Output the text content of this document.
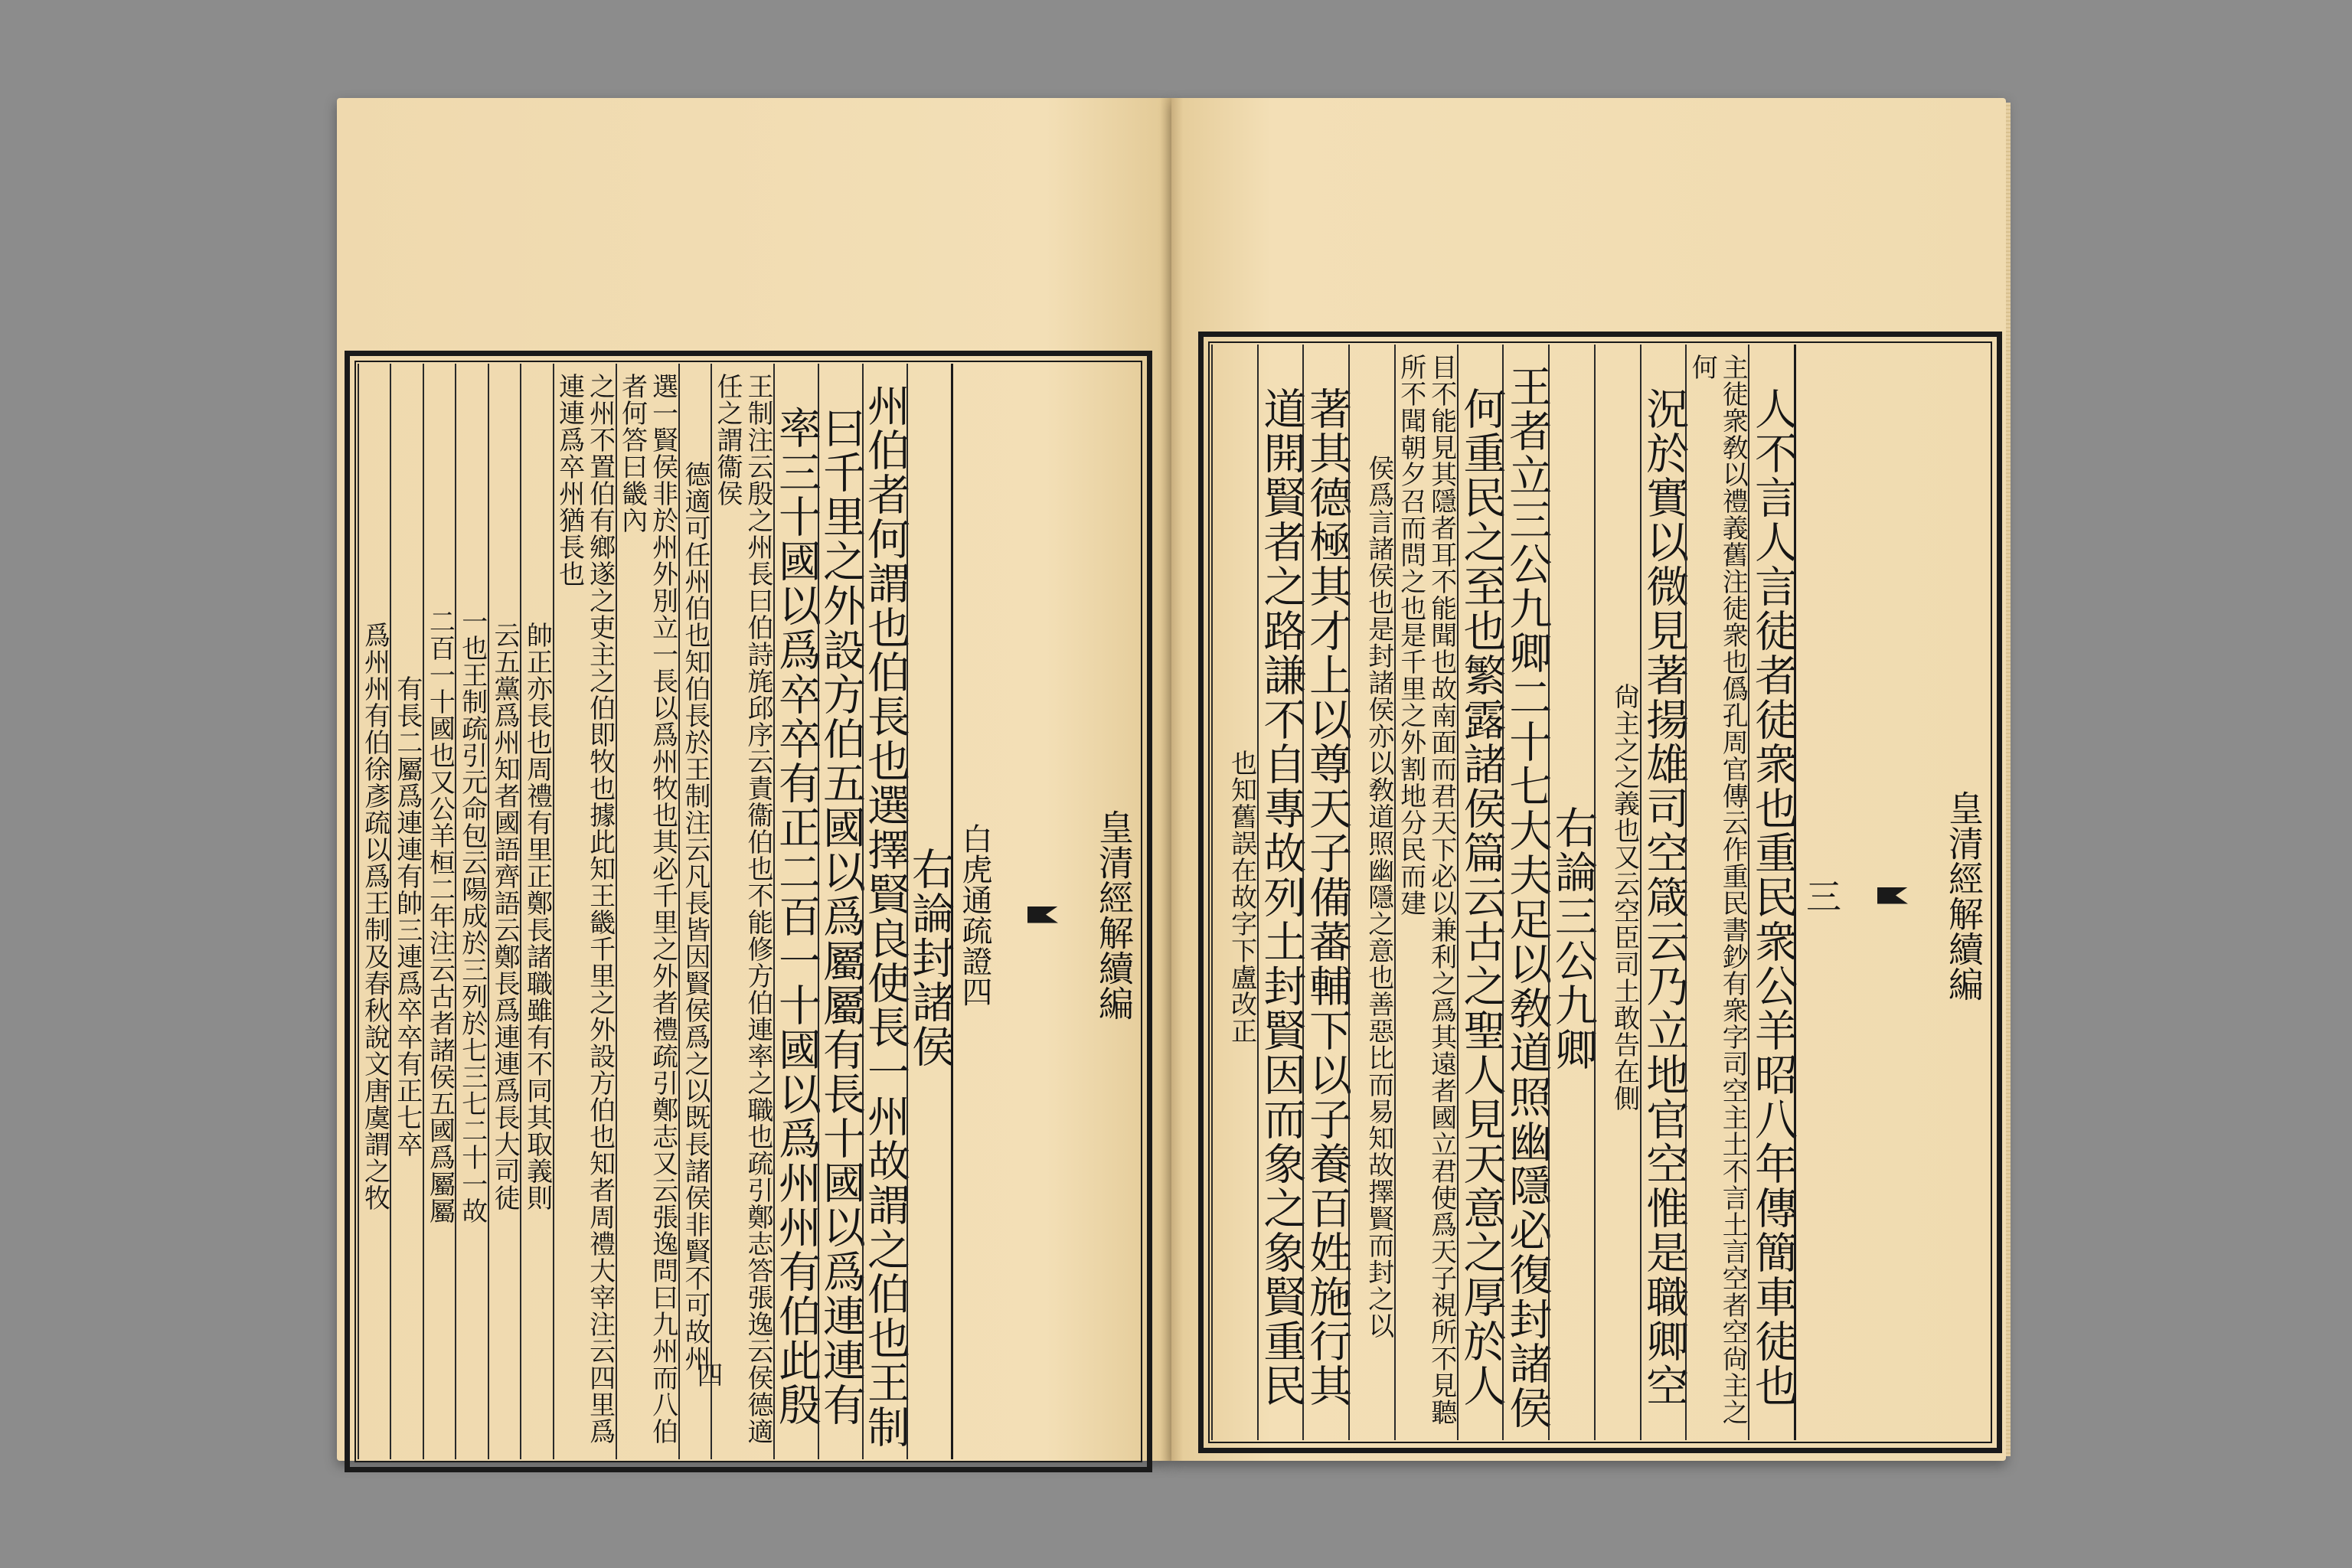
皇清經解續編
白虎通疏證四
右論封諸侯
州伯者何謂也伯長也選擇賢良使長一州故謂之伯也王制
曰千里之外設方伯五國以爲屬屬有長十國以爲連連有
率三十國以爲卒卒有正二百一十國以爲州州有伯此殷
王制注云殷之州長曰伯詩旄邱序云責衞伯也不能修方伯連率之職也疏引鄭志答張逸云侯德適任之謂衞侯
德適可任州伯也知伯長於王制注云凡長皆因賢侯爲之以既長諸侯非賢不可故州
選一賢侯非於州外別立一長以爲州牧也其必千里之外者禮疏引鄭志又云張逸問曰九州而八伯者何答曰畿內
之州不置伯有鄉遂之吏主之伯即牧也據此知王畿千里之外設方伯也知者周禮大宰注云四里爲連連爲卒州猶長也
帥正亦長也周禮有里正鄭長諸職雖有不同其取義則
云五黨爲州知者國語齊語云鄭長爲連連爲長大司徒
一也王制疏引元命包云陽成於三列於七三七二十一故
二百一十國也又公羊桓二年注云古者諸侯五國爲屬屬
有長二屬爲連連有帥三連爲卒卒有正七卒
爲州州有伯徐彥疏以爲王制及春秋說文唐虞謂之牧
四
皇清經解續編
三
人不言人言徒者徒衆也重民衆公羊昭八年傳簡車徒也
主徒衆敎以禮義舊注徒衆也僞孔周官傳云作重民書鈔有衆字司空主土不言土言空者空尙主之何
況於實以微見著揚雄司空箴云乃立地官空惟是職卿空
尙主之之義也又云空臣司土敢告在側
右論三公九卿
王者立三公九卿二十七大夫足以敎道照幽隱必復封諸侯
何重民之至也繁露諸侯篇云古之聖人見天意之厚於人
目不能見其隱者耳不能聞也故南面而君天下必以兼利之爲其遠者國立君使爲天子視所不見聽所不聞朝夕召而問之也是千里之外割地分民而建
侯爲言諸侯也是封諸侯亦以敎道照幽隱之意也善惡比而易知故擇賢而封之以
著其德極其才上以尊天子備蕃輔下以子養百姓施行其
道開賢者之路謙不自專故列土封賢因而象之象賢重民
也知舊誤在故字下盧改正
